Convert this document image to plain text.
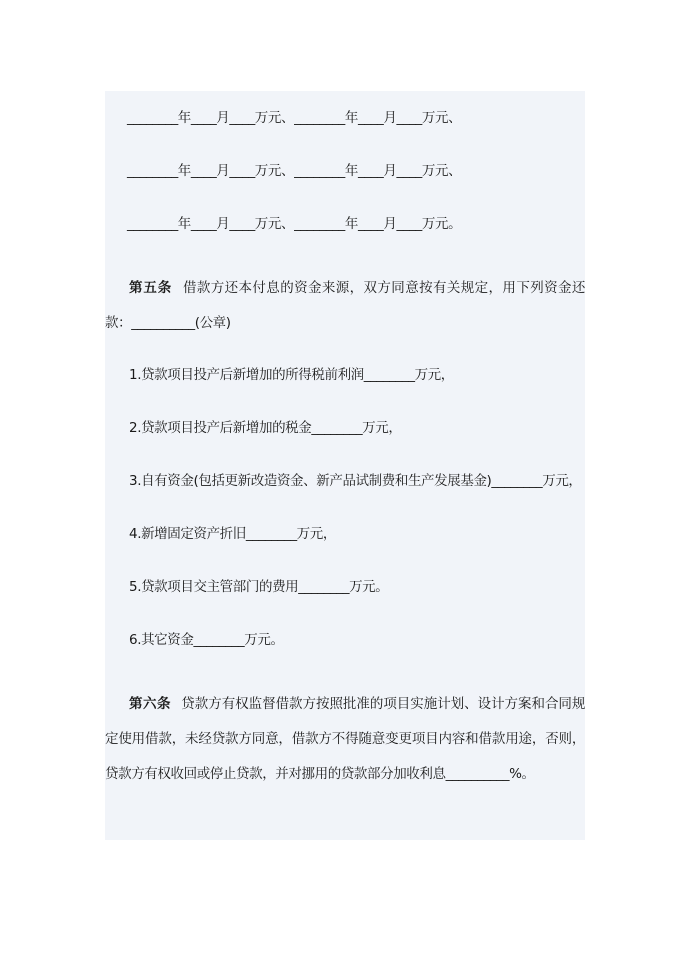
________年____月____万元、________年____月____万元、
________年____月____万元、________年____月____万元、
________年____月____万元、________年____月____万元。
第五条 借款方还本付息的资金来源，双方同意按有关规定，用下列资金还款：__________(公章)
1.贷款项目投产后新增加的所得税前利润________万元，
2.贷款项目投产后新增加的税金________万元，
3.自有资金(包括更新改造资金、新产品试制费和生产发展基金)________万元，
4.新增固定资产折旧________万元，
5.贷款项目交主管部门的费用________万元。
6.其它资金________万元。
第六条 贷款方有权监督借款方按照批准的项目实施计划、设计方案和合同规定使用借款，未经贷款方同意，借款方不得随意变更项目内容和借款用途，否则，贷款方有权收回或停止贷款，并对挪用的贷款部分加收利息__________%。
